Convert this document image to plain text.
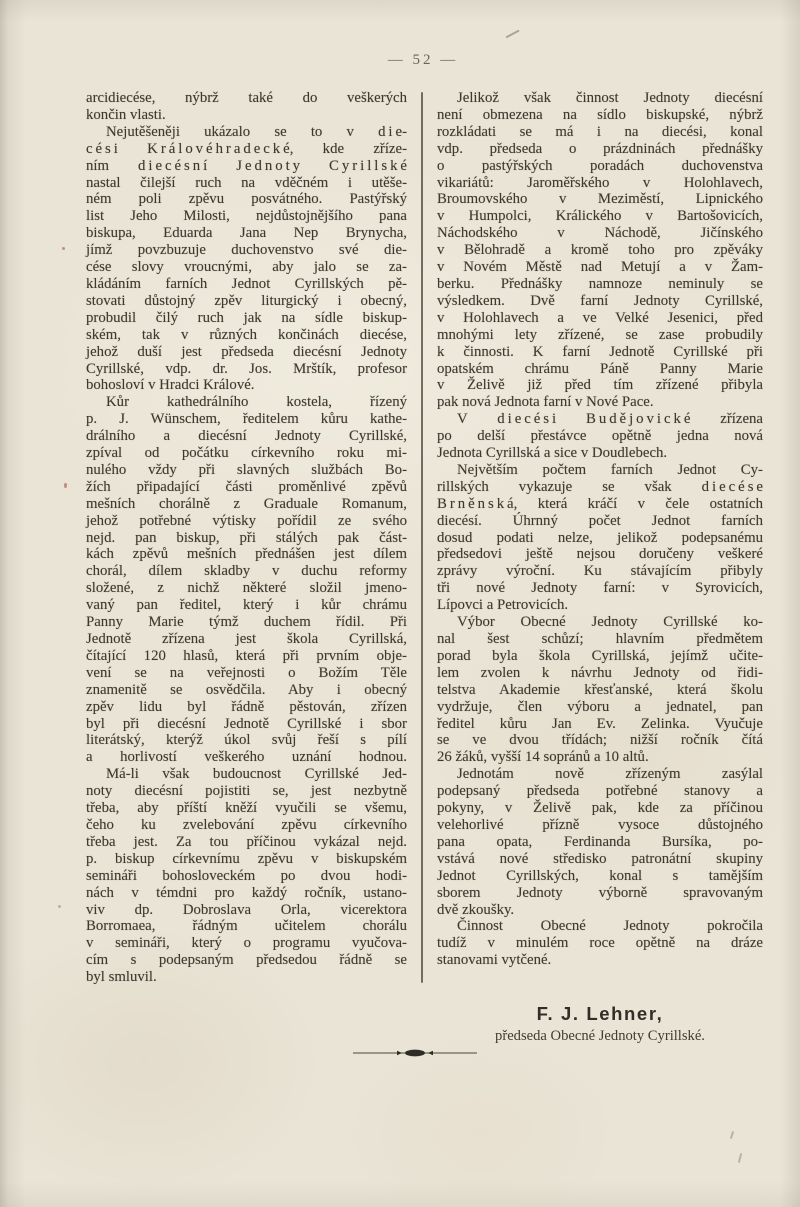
— 52 —
arcidiecése, nýbrž také do veškerých
končin vlasti.
Nejutěšeněji ukázalo se to v d i e-
c é s i K r á l o v é h r a d e c k é, kde zříze-
ním d i e c é s n í J e d n o t y C y r i l l s k é
nastal čilejší ruch na vděčném i utěše-
ném poli zpěvu posvátného. Pastýřský
list Jeho Milosti, nejdůstojnějšího pana
biskupa, Eduarda Jana Nep Brynycha,
jímž povzbuzuje duchovenstvo své die-
cése slovy vroucnými, aby jalo se za-
kládáním farních Jednot Cyrillských pě-
stovati důstojný zpěv liturgický i obecný,
probudil čilý ruch jak na sídle biskup-
ském, tak v různých končinách diecése,
jehož duší jest předseda diecésní Jednoty
Cyrillské, vdp. dr. Jos. Mrštík, profesor
bohosloví v Hradci Králové.
Kůr kathedrálního kostela, řízený
p. J. Wünschem, ředitelem kůru kathe-
drálního a diecésní Jednoty Cyrillské,
zpíval od počátku církevního roku mi-
nulého vždy při slavných službách Bo-
žích připadající části proměnlivé zpěvů
mešních chorálně z Graduale Romanum,
jehož potřebné výtisky pořídil ze svého
nejd. pan biskup, při stálých pak část-
kách zpěvů mešních přednášen jest dílem
chorál, dílem skladby v duchu reformy
složené, z nichž některé složil jmeno-
vaný pan ředitel, který i kůr chrámu
Panny Marie týmž duchem řídil. Při
Jednotě zřízena jest škola Cyrillská,
čítající 120 hlasů, která při prvním obje-
vení se na veřejnosti o Božím Těle
znamenitě se osvědčila. Aby i obecný
zpěv lidu byl řádně pěstován, zřízen
byl při diecésní Jednotě Cyrillské i sbor
literátský, kterýž úkol svůj řeší s pílí
a horlivostí veškerého uznání hodnou.
Má-li však budoucnost Cyrillské Jed-
noty diecésní pojistiti se, jest nezbytně
třeba, aby příští kněží vyučili se všemu,
čeho ku zvelebování zpěvu církevního
třeba jest. Za tou příčinou vykázal nejd.
p. biskup církevnímu zpěvu v biskupském
semináři bohosloveckém po dvou hodi-
nách v témdni pro každý ročník, ustano-
viv dp. Dobroslava Orla, vicerektora
Borromaea, řádným učitelem chorálu
v semináři, který o programu vyučova-
cím s podepsaným předsedou řádně se
byl smluvil.
Jelikož však činnost Jednoty diecésní
není obmezena na sídlo biskupské, nýbrž
rozkládati se má i na diecési, konal
vdp. předseda o prázdninách přednášky
o pastýřských poradách duchovenstva
vikariátů: Jaroměřského v Holohlavech,
Broumovského v Meziměstí, Lipnického
v Humpolci, Králického v Bartošovicích,
Náchodského v Náchodě, Jičínského
v Bělohradě a kromě toho pro zpěváky
v Novém Městě nad Metují a v Žam-
berku. Přednášky namnoze neminuly se
výsledkem. Dvě farní Jednoty Cyrillské,
v Holohlavech a ve Velké Jesenici, před
mnohými lety zřízené, se zase probudily
k činnosti. K farní Jednotě Cyrillské při
opatském chrámu Páně Panny Marie
v Želivě již před tím zřízené přibyla
pak nová Jednota farní v Nové Pace.
V d i e c é s i B u d ě j o v i c k é zřízena
po delší přestávce opětně jedna nová
Jednota Cyrillská a sice v Doudlebech.
Největším počtem farních Jednot Cy-
rillských vykazuje se však d i e c é s e
B r n ě n s k á, která kráčí v čele ostatních
diecésí. Úhrnný počet Jednot farních
dosud podati nelze, jelikož podepsanému
předsedovi ještě nejsou doručeny veškeré
zprávy výroční. Ku stávajícím přibyly
tři nové Jednoty farní: v Syrovicích,
Lípovci a Petrovicích.
Výbor Obecné Jednoty Cyrillské ko-
nal šest schůzí; hlavním předmětem
porad byla škola Cyrillská, jejímž učite-
lem zvolen k návrhu Jednoty od řidi-
telstva Akademie křesťanské, která školu
vydržuje, člen výboru a jednatel, pan
ředitel kůru Jan Ev. Zelinka. Vyučuje
se ve dvou třídách; nižší ročník čítá
26 žáků, vyšší 14 sopránů a 10 altů.
Jednotám nově zřízeným zasýlal
podepsaný předseda potřebné stanovy a
pokyny, v Želivě pak, kde za příčinou
velehorlivé přízně vysoce důstojného
pana opata, Ferdinanda Bursíka, po-
vstává nové středisko patronátní skupiny
Jednot Cyrillských, konal s tamějším
sborem Jednoty výborně spravovaným
dvě zkoušky.
Činnost Obecné Jednoty pokročila
tudíž v minulém roce opětně na dráze
stanovami vytčené.
F. J. Lehner,
předseda Obecné Jednoty Cyrillské.
